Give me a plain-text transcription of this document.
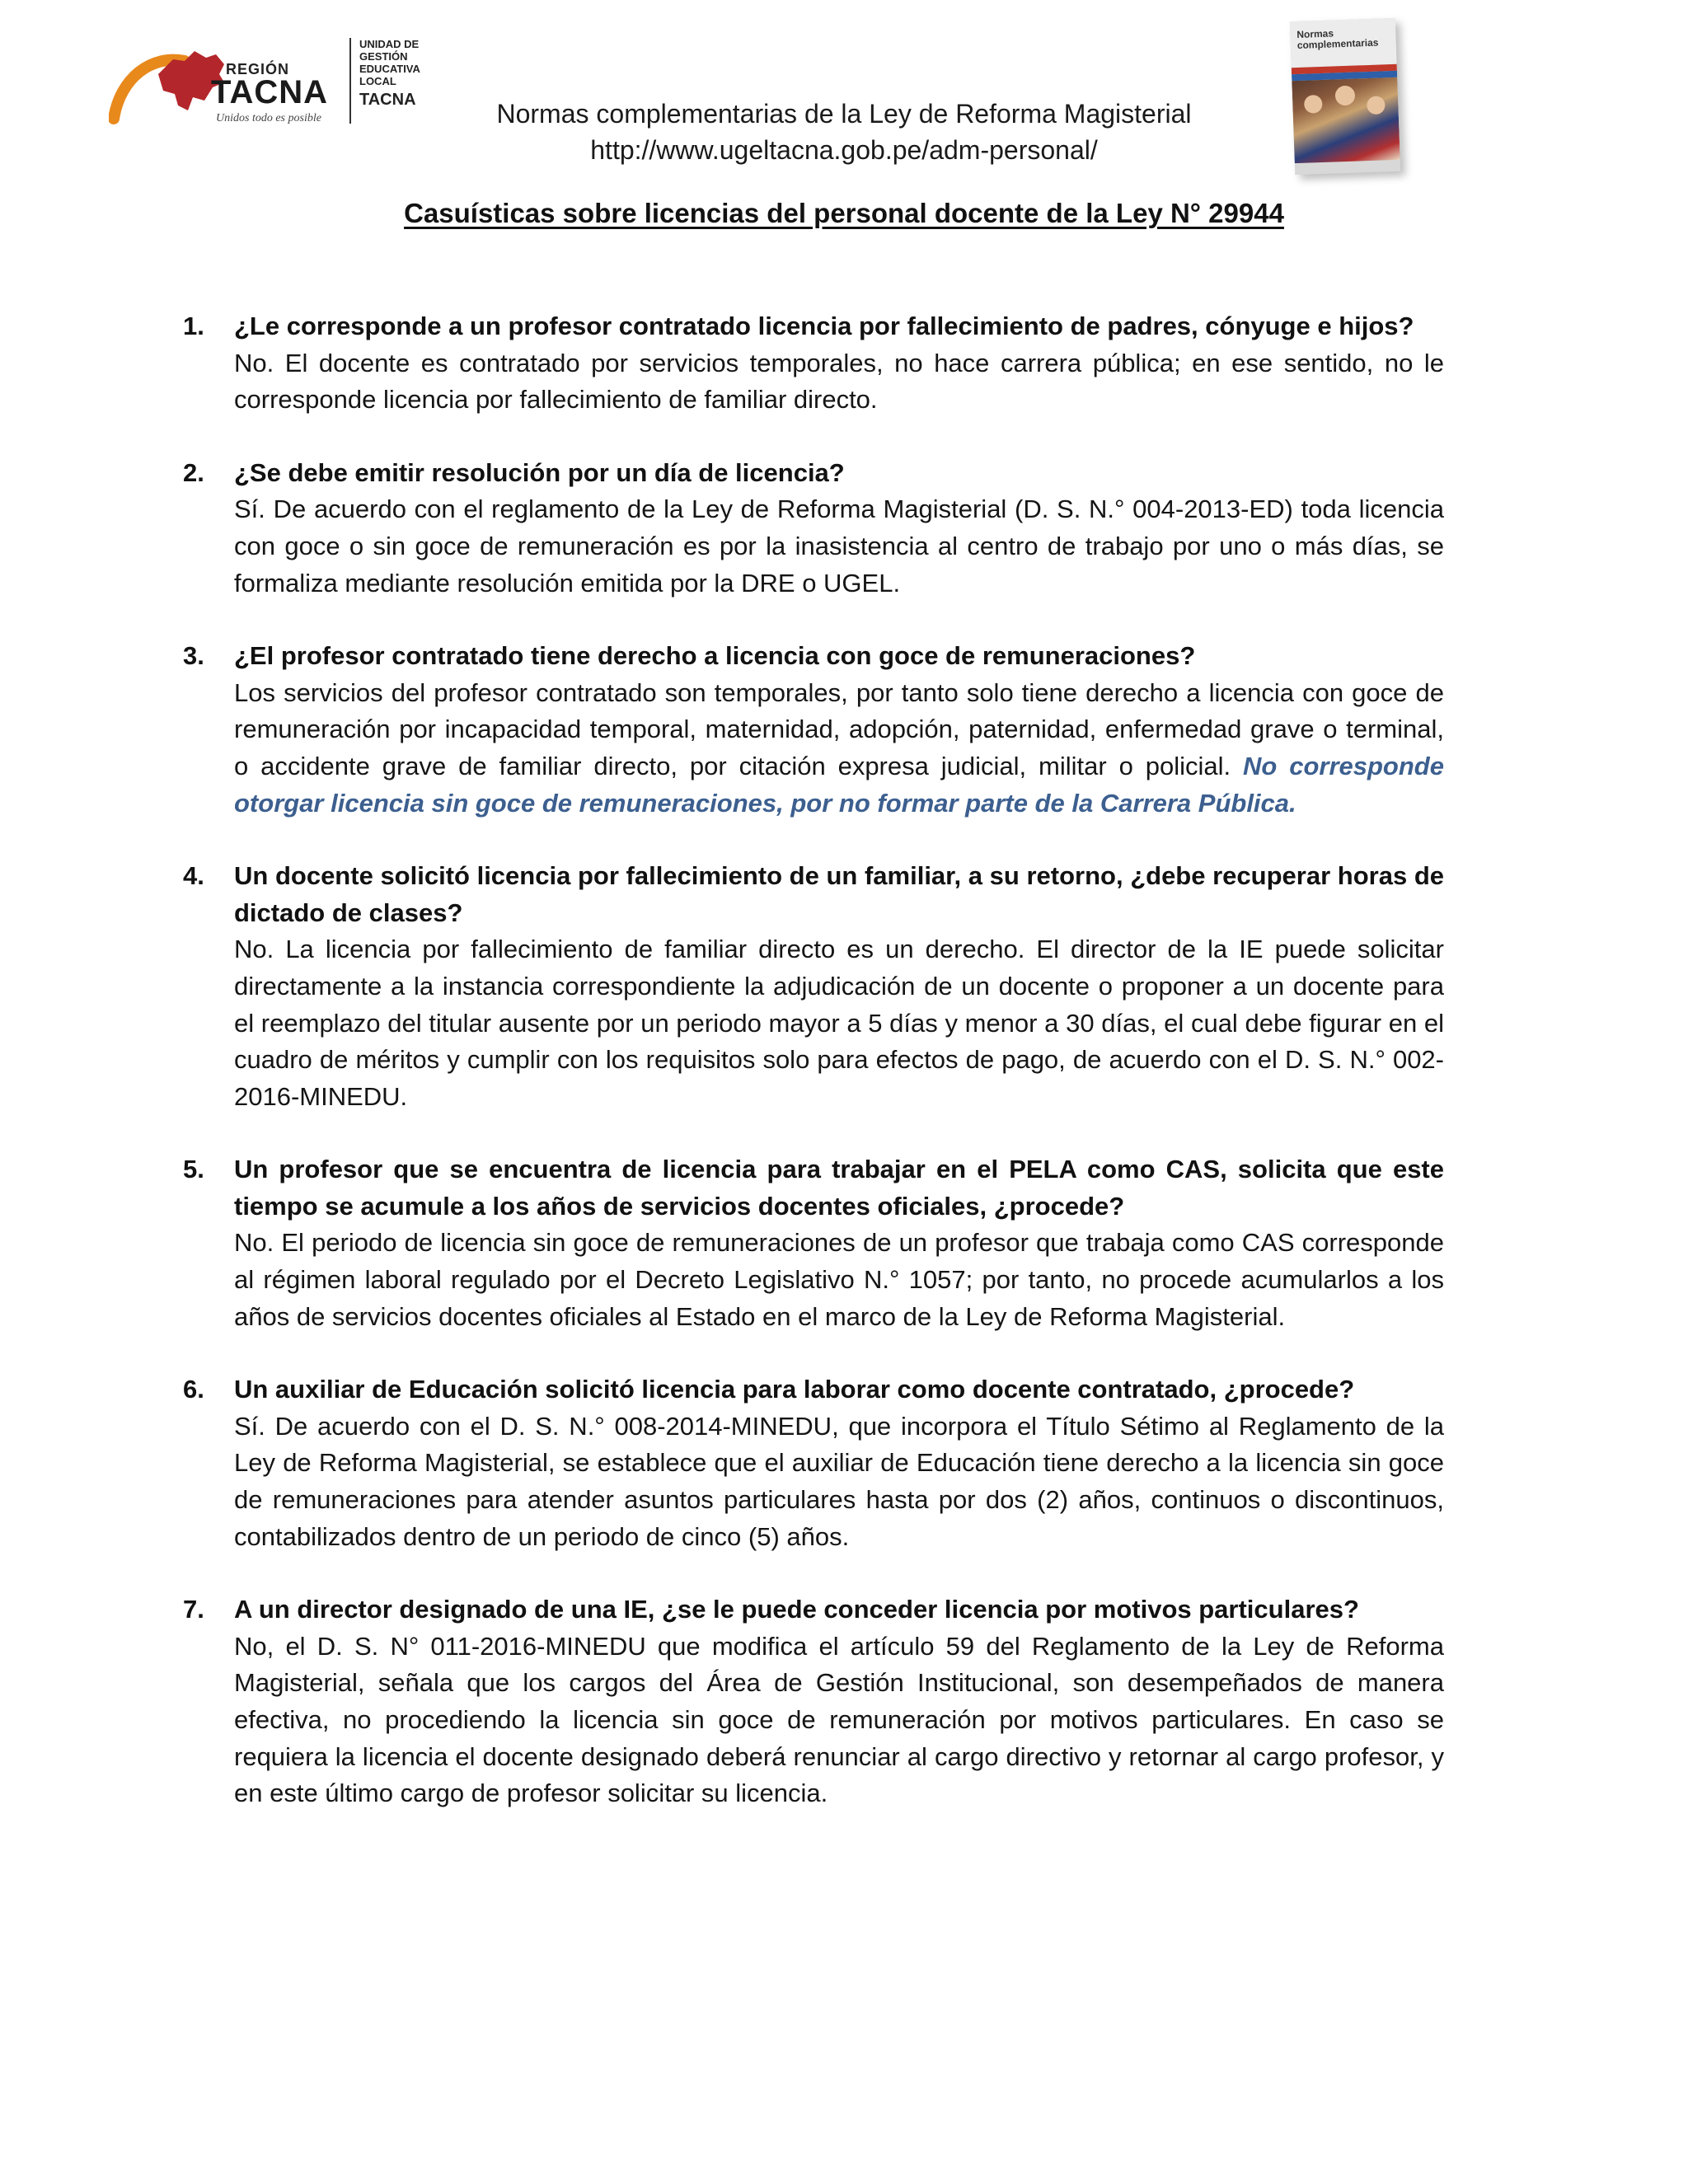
REGIÓN
TACNA
Unidos todo es posible
UNIDAD DE
GESTIÓN
EDUCATIVA
LOCAL
TACNA	Normas complementarias de la Ley de Reforma Magisterial
http://www.ugeltacna.gob.pe/adm-personal/
Normas complementarias
Casuísticas sobre licencias del personal docente de la Ley N° 29944
1. ¿Le corresponde a un profesor contratado licencia por fallecimiento de padres, cónyuge e hijos?

No. El docente es contratado por servicios temporales, no hace carrera pública; en ese sentido, no le corresponde licencia por fallecimiento de familiar directo.

2. ¿Se debe emitir resolución por un día de licencia?

Sí. De acuerdo con el reglamento de la Ley de Reforma Magisterial (D. S. N.° 004-2013-ED) toda licencia con goce o sin goce de remuneración es por la inasistencia al centro de trabajo por uno o más días, se formaliza mediante resolución emitida por la DRE o UGEL.

3. ¿El profesor contratado tiene derecho a licencia con goce de remuneraciones?

Los servicios del profesor contratado son temporales, por tanto solo tiene derecho a licencia con goce de remuneración por incapacidad temporal, maternidad, adopción, paternidad, enfermedad grave o terminal, o accidente grave de familiar directo, por citación expresa judicial, militar o policial. No corresponde otorgar licencia sin goce de remuneraciones, por no formar parte de la Carrera Pública.

4. Un docente solicitó licencia por fallecimiento de un familiar, a su retorno, ¿debe recuperar horas de dictado de clases?

No. La licencia por fallecimiento de familiar directo es un derecho. El director de la IE puede solicitar directamente a la instancia correspondiente la adjudicación de un docente o proponer a un docente para el reemplazo del titular ausente por un periodo mayor a 5 días y menor a 30 días, el cual debe figurar en el cuadro de méritos y cumplir con los requisitos solo para efectos de pago, de acuerdo con el D. S. N.° 002-2016-MINEDU.

5. Un profesor que se encuentra de licencia para trabajar en el PELA como CAS, solicita que este tiempo se acumule a los años de servicios docentes oficiales, ¿procede?

No. El periodo de licencia sin goce de remuneraciones de un profesor que trabaja como CAS corresponde al régimen laboral regulado por el Decreto Legislativo N.° 1057; por tanto, no procede acumularlos a los años de servicios docentes oficiales al Estado en el marco de la Ley de Reforma Magisterial.

6. Un auxiliar de Educación solicitó licencia para laborar como docente contratado, ¿procede?

Sí. De acuerdo con el D. S. N.° 008-2014-MINEDU, que incorpora el Título Sétimo al Reglamento de la Ley de Reforma Magisterial, se establece que el auxiliar de Educación tiene derecho a la licencia sin goce de remuneraciones para atender asuntos particulares hasta por dos (2) años, continuos o discontinuos, contabilizados dentro de un periodo de cinco (5) años.

7. A un director designado de una IE, ¿se le puede conceder licencia por motivos particulares?

No, el D. S. N° 011-2016-MINEDU que modifica el artículo 59 del Reglamento de la Ley de Reforma Magisterial, señala que los cargos del Área de Gestión Institucional, son desempeñados de manera efectiva, no procediendo la licencia sin goce de remuneración por motivos particulares. En caso se requiera la licencia el docente designado deberá renunciar al cargo directivo y retornar al cargo profesor, y en este último cargo de profesor solicitar su licencia.
